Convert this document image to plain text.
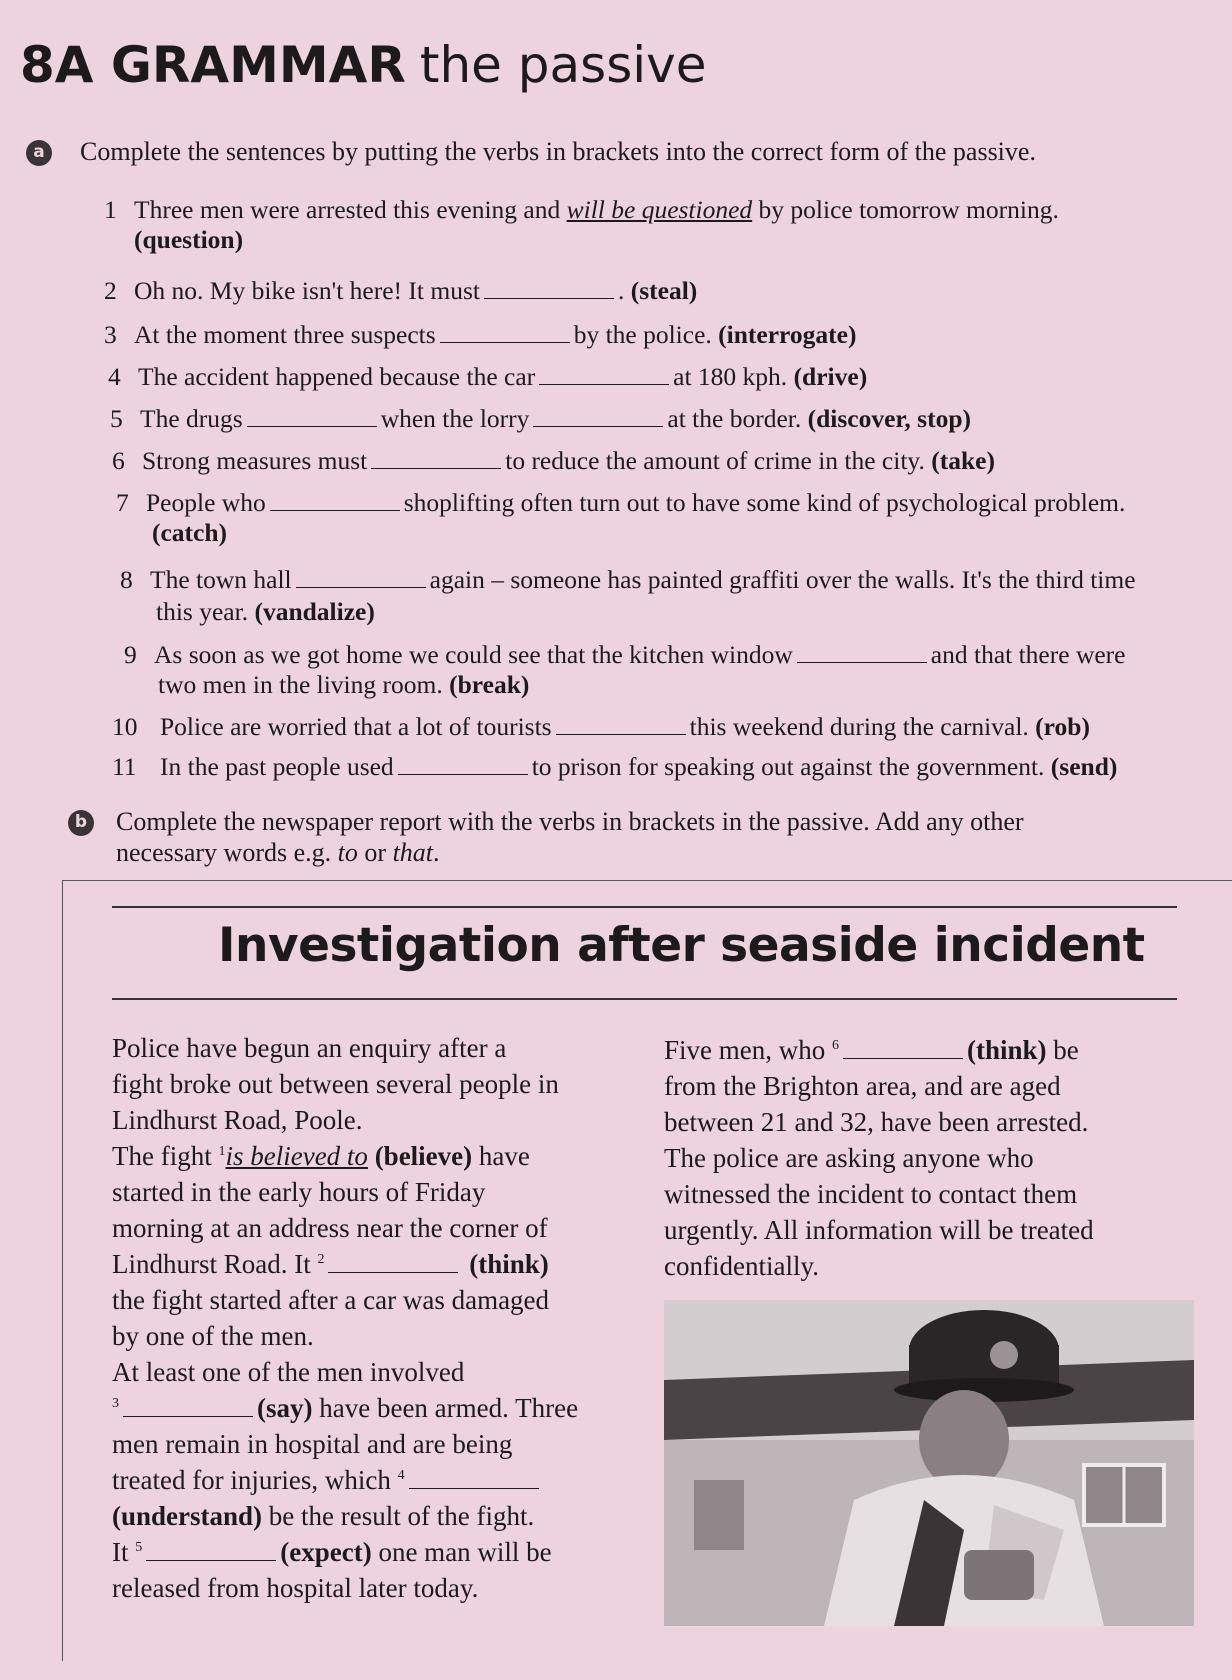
8A GRAMMAR the passive
a Complete the sentences by putting the verbs in brackets into the correct form of the passive.
1 Three men were arrested this evening and will be questioned by police tomorrow morning.
(question)
2 Oh no. My bike isn't here! It must	. (steal)
3 At the moment three suspects	by the police. (interrogate)
4 The accident happened because the car	at 180 kph. (drive)
5 The drugs	when the lorry	at the border. (discover, stop)
6 Strong measures must	to reduce the amount of crime in the city. (take)
7 People who	shoplifting often turn out to have some kind of psychological problem.
(catch)
8 The town hall	again – someone has painted graffiti over the walls. It's the third time
this year. (vandalize)
9 As soon as we got home we could see that the kitchen window	and that there were
two men in the living room. (break)
10 Police are worried that a lot of tourists	this weekend during the carnival. (rob)
11 In the past people used	to prison for speaking out against the government. (send)
b Complete the newspaper report with the verbs in brackets in the passive. Add any other
necessary words e.g. to or that.
Investigation after seaside incident

Police have begun an enquiry after a

fight broke out between several people in

Lindhurst Road, Poole.

The fight $^1$is believed to (believe) have

started in the early hours of Friday

morning at an address near the corner of

Lindhurst Road. It $^2$	(think)

the fight started after a car was damaged

by one of the men.

At least one of the men involved

$^3$	(say) have been armed. Three

men remain in hospital and are being

treated for injuries, which $^4$

(understand) be the result of the fight.

It $^5$	(expect) one man will be

released from hospital later today.

Five men, who $^6$	(think) be

from the Brighton area, and are aged

between 21 and 32, have been arrested.

The police are asking anyone who

witnessed the incident to contact them

urgently. All information will be treated

confidentially.
